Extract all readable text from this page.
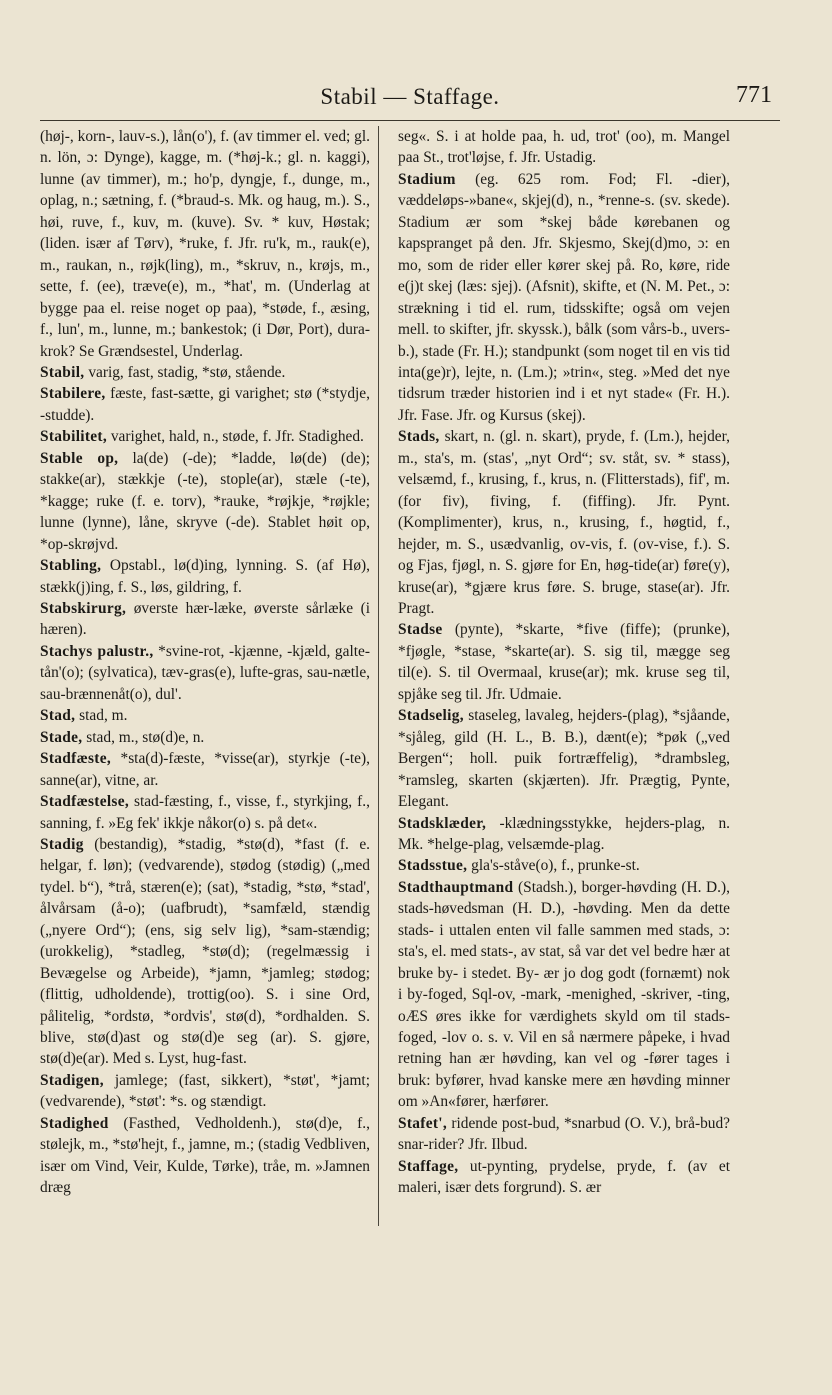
Stabil — Staffage.	771

(høj-, korn-, lauv-s.), lån(o'), f. (av timmer el. ved; gl. n. lön, ɔ: Dynge), kagge, m. (*høj-k.; gl. n. kaggi), lunne (av timmer), m.; ho'p, dyngje, f., dunge, m., oplag, n.; sætning, f. (*braud-s. Mk. og haug, m.). S., høi, ruve, f., kuv, m. (kuve). Sv. * kuv, Høstak; (liden. især af Tørv), *ruke, f. Jfr. ru'k, m., rauk(e), m., raukan, n., røjk(ling), m., *skruv, n., krøjs, m., sette, f. (ee), træve(e), m., *hat', m. (Underlag at bygge paa el. reise noget op paa), *støde, f., æsing, f., lun', m., lunne, m.; bankestok; (i Dør, Port), dura-krok? Se Grændsestel, Underlag.

Stabil, varig, fast, stadig, *stø, stående.

Stabilere, fæste, fast-sætte, gi varighet; stø (*stydje, -studde).

Stabilitet, varighet, hald, n., støde, f. Jfr. Stadighed.

Stable op, la(de) (-de); *ladde, lø(de) (de); stakke(ar), stækkje (-te), stople(ar), stæle (-te), *kagge; ruke (f. e. torv), *rauke, *røjkje, *røjkle; lunne (lynne), låne, skryve (-de). Stablet høit op, *op-skrøjvd.

Stabling, Opstabl., lø(d)ing, lynning. S. (af Hø), stækk(j)ing, f. S., løs, gildring, f.

Stabskirurg, øverste hær-læke, øverste sårlæke (i hæren).

Stachys palustr., *svine-rot, -kjænne, -kjæld, galte-tån'(o); (sylvatica), tæv-gras(e), lufte-gras, sau-nætle, sau-brænnenåt(o), dul'.

Stad, stad, m.

Stade, stad, m., stø(d)e, n.

Stadfæste, *sta(d)-fæste, *visse(ar), styrkje (-te), sanne(ar), vitne, ar.

Stadfæstelse, stad-fæsting, f., visse, f., styrkjing, f., sanning, f. »Eg fek' ikkje nåkor(o) s. på det«.

Stadig (bestandig), *stadig, *stø(d), *fast (f. e. helgar, f. løn); (vedvarende), stødog (stødig) („med tydel. b“), *trå, stæren(e); (sat), *stadig, *stø, *stad', ålvårsam (å-o); (uafbrudt), *samfæld, stændig („nyere Ord“); (ens, sig selv lig), *sam-stændig; (urokkelig), *stadleg, *stø(d); (regelmæssig i Bevægelse og Arbeide), *jamn, *jamleg; stødog; (flittig, udholdende), trottig(oo). S. i sine Ord, pålitelig, *ordstø, *ordvis', stø(d), *ordhalden. S. blive, stø(d)ast og stø(d)e seg (ar). S. gjøre, stø(d)e(ar). Med s. Lyst, hug-fast.

Stadigen, jamlege; (fast, sikkert), *støt', *jamt; (vedvarende), *støt': *s. og stændigt.

Stadighed (Fasthed, Vedholdenh.), stø(d)e, f., stølejk, m., *stø'hejt, f., jamne, m.; (stadig Vedbliven, især om Vind, Veir, Kulde, Tørke), tråe, m. »Jamnen dræg

seg«. S. i at holde paa, h. ud, trot' (oo), m. Mangel paa St., trot'løjse, f. Jfr. Ustadig.

Stadium (eg. 625 rom. Fod; Fl. -dier), væddeløps-»bane«, skjej(d), n., *renne-s. (sv. skede). Stadium ær som *skej både kørebanen og kapspranget på den. Jfr. Skjesmo, Skej(d)mo, ɔ: en mo, som de rider eller kører skej på. Ro, køre, ride e(j)t skej (læs: sjej). (Afsnit), skifte, et (N. M. Pet., ɔ: strækning i tid el. rum, tidsskifte; også om vejen mell. to skifter, jfr. skyssk.), bålk (som vårs-b., uvers-b.), stade (Fr. H.); standpunkt (som noget til en vis tid inta(ge)r), lejte, n. (Lm.); »trin«, steg. »Med det nye tidsrum træder historien ind i et nyt stade« (Fr. H.). Jfr. Fase. Jfr. og Kursus (skej).

Stads, skart, n. (gl. n. skart), pryde, f. (Lm.), hejder, m., sta's, m. (stas', „nyt Ord“; sv. ståt, sv. * stass), velsæmd, f., krusing, f., krus, n. (Flitterstads), fif', m. (for fiv), fiving, f. (fiffing). Jfr. Pynt. (Komplimenter), krus, n., krusing, f., høgtid, f., hejder, m. S., usædvanlig, ov-vis, f. (ov-vise, f.). S. og Fjas, fjøgl, n. S. gjøre for En, høg-tide(ar) føre(y), kruse(ar), *gjære krus føre. S. bruge, stase(ar). Jfr. Pragt.

Stadse (pynte), *skarte, *five (fiffe); (prunke), *fjøgle, *stase, *skarte(ar). S. sig til, mægge seg til(e). S. til Overmaal, kruse(ar); mk. kruse seg til, spjåke seg til. Jfr. Udmaie.

Stadselig, staseleg, lavaleg, hejders-(plag), *sjåande, *sjåleg, gild (H. L., B. B.), dænt(e); *pøk („ved Bergen“; holl. puik fortræffelig), *drambsleg, *ramsleg, skarten (skjærten). Jfr. Prægtig, Pynte, Elegant.

Stadsklæder, -klædningsstykke, hejders-plag, n. Mk. *helge-plag, velsæmde-plag.

Stadsstue, gla's-ståve(o), f., prunke-st.

Stadthauptmand (Stadsh.), borger-høvding (H. D.), stads-høvedsman (H. D.), -høvding. Men da dette stads- i uttalen enten vil falle sammen med stads, ɔ: sta's, el. med stats-, av stat, så var det vel bedre hær at bruke by- i stedet. By- ær jo dog godt (fornæmt) nok i by-foged, Sql-ov, -mark, -menighed, -skriver, -ting, oÆS øres ikke for værdighets skyld om til stads-foged, -lov o. s. v. Vil en så nærmere påpeke, i hvad retning han ær høvding, kan vel og -fører tages i bruk: byfører, hvad kanske mere æn høvding minner om »An«fører, hærfører.

Stafet', ridende post-bud, *snarbud (O. V.), brå-bud? snar-rider? Jfr. Ilbud.

Staffage, ut-pynting, prydelse, pryde, f. (av et maleri, især dets forgrund). S. ær
